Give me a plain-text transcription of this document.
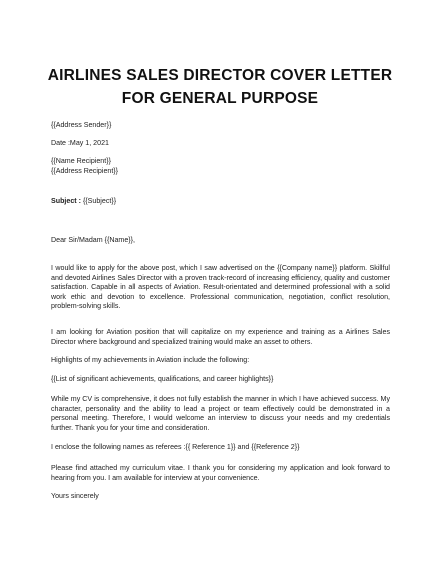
AIRLINES SALES DIRECTOR COVER LETTER
FOR GENERAL PURPOSE
{{Address Sender}}
Date :May 1, 2021
{{Name Recipient}}
{{Address Recipient}}
Subject : {{Subject}}
Dear Sir/Madam {{Name}},
I would like to apply for the above post, which I saw advertised on the {{Company name}} platform. Skillful and devoted Airlines Sales Director with a proven track-record of increasing efficiency, quality and customer satisfaction. Capable in all aspects of Aviation. Result-orientated and determined professional with a solid work ethic and devotion to excellence. Professional communication, negotiation, conflict resolution, problem-solving skills.
I am looking for Aviation position that will capitalize on my experience and training as a Airlines Sales Director where background and specialized training would make an asset to others.
Highlights of my achievements in Aviation include the following:
{{List of significant achievements, qualifications, and career highlights}}
While my CV is comprehensive, it does not fully establish the manner in which I have achieved success. My character, personality and the ability to lead a project or team effectively could be demonstrated in a personal meeting. Therefore, I would welcome an interview to discuss your needs and my credentials further. Thank you for your time and consideration.
I enclose the following names as referees :{{ Reference 1}} and {{Reference 2}}
Please find attached my curriculum vitae. I thank you for considering my application and look forward to hearing from you. I am available for interview at your convenience.
Yours sincerely
